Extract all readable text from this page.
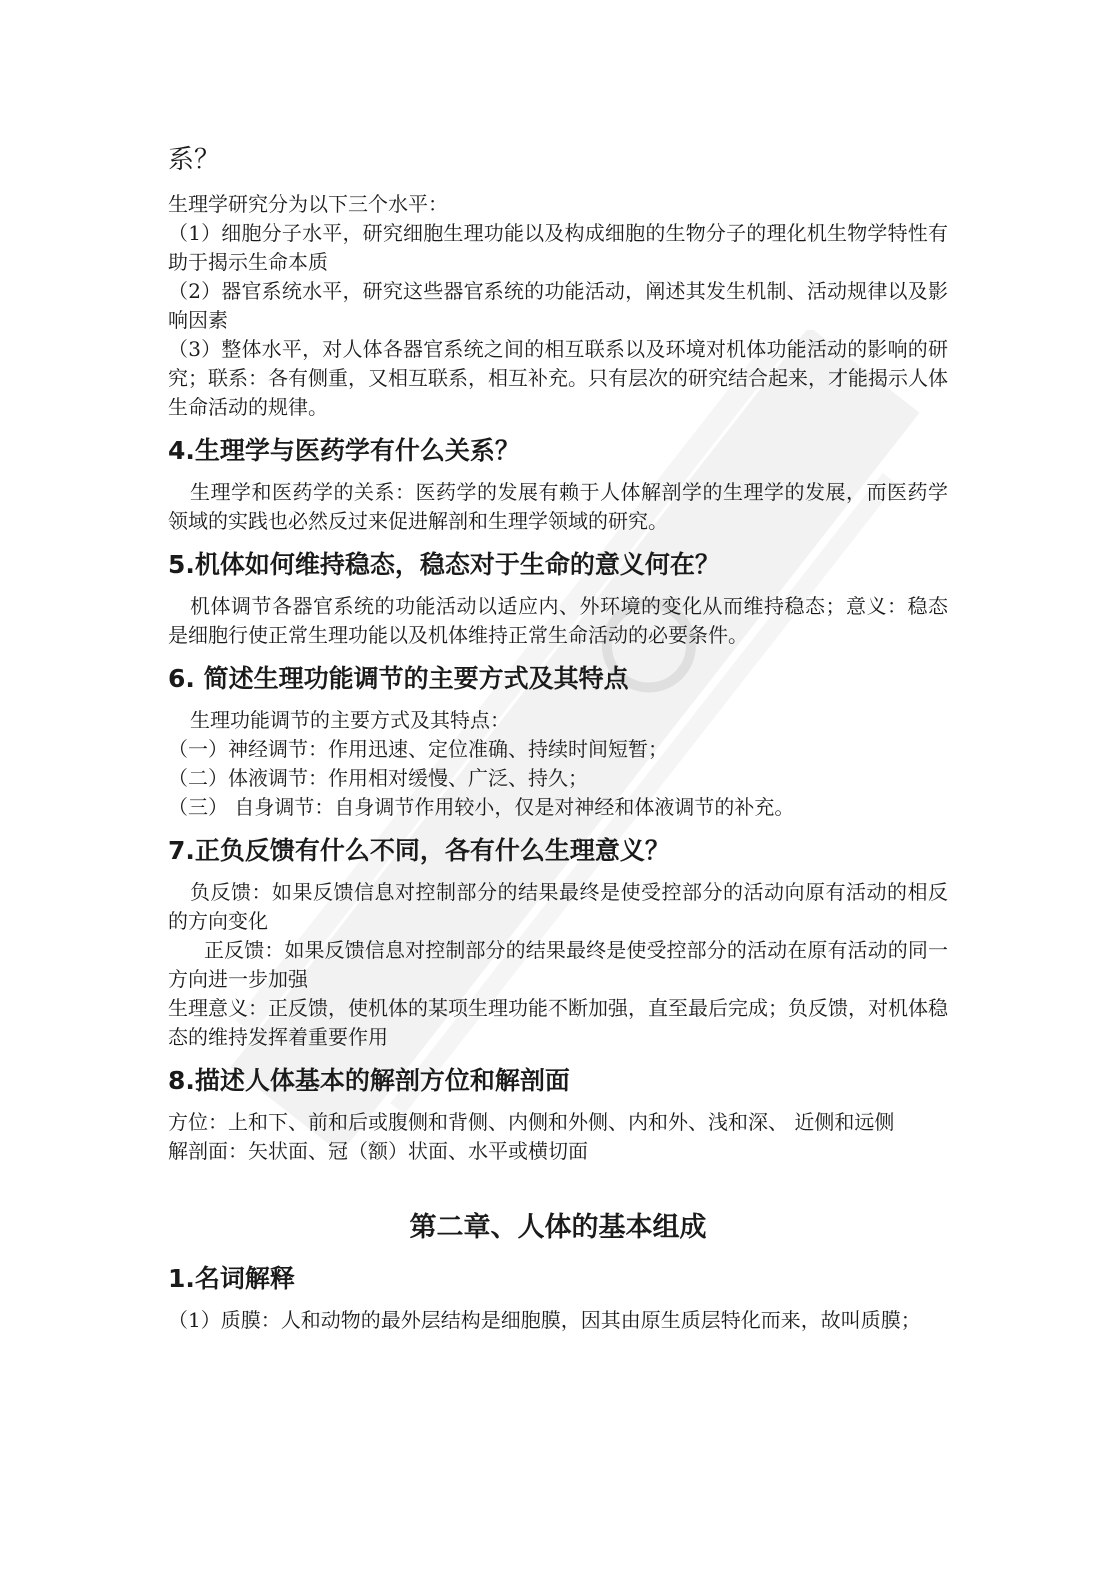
系？

生理学研究分为以下三个水平：

（1）细胞分子水平，研究细胞生理功能以及构成细胞的生物分子的理化机生物学特性有助于揭示生命本质

（2）器官系统水平，研究这些器官系统的功能活动，阐述其发生机制、活动规律以及影响因素

（3）整体水平，对人体各器官系统之间的相互联系以及环境对机体功能活动的影响的研究；联系：各有侧重，又相互联系，相互补充。只有层次的研究结合起来，才能揭示人体生命活动的规律。

4.生理学与医药学有什么关系？

生理学和医药学的关系：医药学的发展有赖于人体解剖学的生理学的发展，而医药学领域的实践也必然反过来促进解剖和生理学领域的研究。

5.机体如何维持稳态，稳态对于生命的意义何在？

机体调节各器官系统的功能活动以适应内、外环境的变化从而维持稳态；意义：稳态是细胞行使正常生理功能以及机体维持正常生命活动的必要条件。

6. 简述生理功能调节的主要方式及其特点

生理功能调节的主要方式及其特点：

（一）神经调节：作用迅速、定位准确、持续时间短暂；

（二）体液调节：作用相对缓慢、广泛、持久；

（三） 自身调节：自身调节作用较小，仅是对神经和体液调节的补充。

7.正负反馈有什么不同，各有什么生理意义？

负反馈：如果反馈信息对控制部分的结果最终是使受控部分的活动向原有活动的相反的方向变化

正反馈：如果反馈信息对控制部分的结果最终是使受控部分的活动在原有活动的同一方向进一步加强

生理意义：正反馈，使机体的某项生理功能不断加强，直至最后完成；负反馈，对机体稳态的维持发挥着重要作用

8.描述人体基本的解剖方位和解剖面

方位：上和下、前和后或腹侧和背侧、内侧和外侧、内和外、浅和深、 近侧和远侧

解剖面：矢状面、冠（额）状面、水平或横切面

第二章、人体的基本组成
1.名词解释

（1）质膜：人和动物的最外层结构是细胞膜，因其由原生质层特化而来，故叫质膜；
